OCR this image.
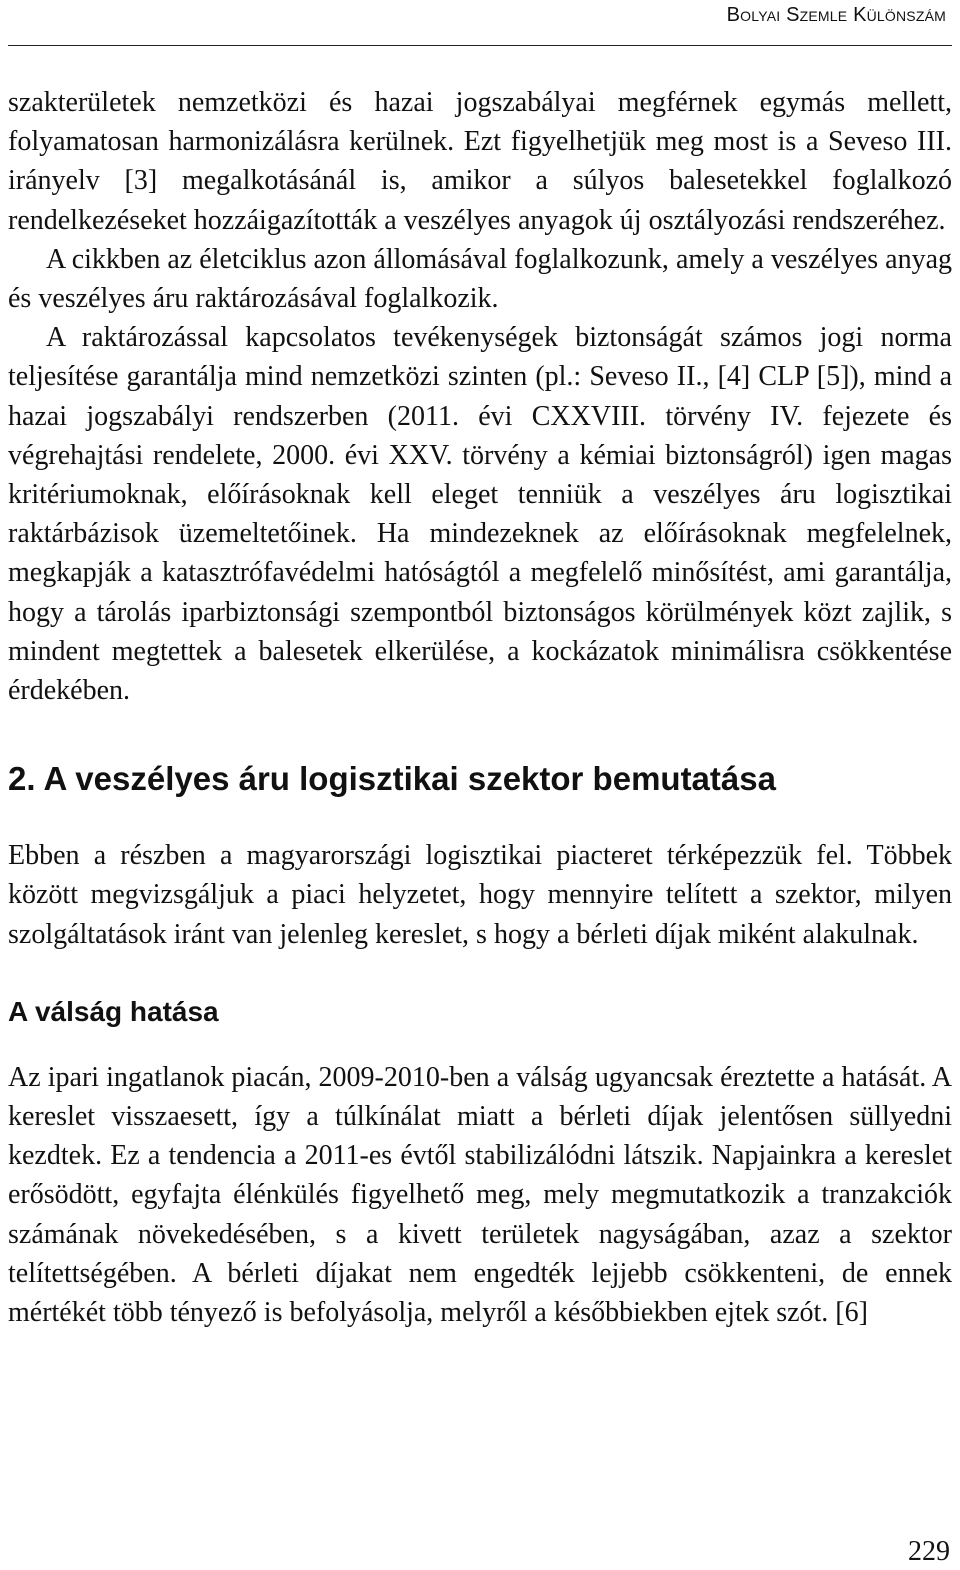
Bolyai Szemle Különszám

szakterületek nemzetközi és hazai jogszabályai megférnek egymás mellett, folyamatosan harmonizálásra kerülnek. Ezt figyelhetjük meg most is a Seveso III. irányelv [3] megalkotásánál is, amikor a súlyos balesetekkel foglalkozó rendelkezéseket hozzáigazították a veszélyes anyagok új osztályozási rendszeréhez.

A cikkben az életciklus azon állomásával foglalkozunk, amely a veszélyes anyag és veszélyes áru raktározásával foglalkozik.

A raktározással kapcsolatos tevékenységek biztonságát számos jogi norma teljesítése garantálja mind nemzetközi szinten (pl.: Seveso II., [4] CLP [5]), mind a hazai jogszabályi rendszerben (2011. évi CXXVIII. törvény IV. fejezete és végrehajtási rendelete, 2000. évi XXV. törvény a kémiai biztonságról) igen magas kritériumoknak, előírásoknak kell eleget tenniük a veszélyes áru logisztikai raktárbázisok üzemeltetőinek. Ha mindezeknek az előírásoknak megfelelnek, megkapják a katasztrófavédelmi hatóságtól a megfelelő minősítést, ami garantálja, hogy a tárolás iparbiztonsági szempontból biztonságos körülmények közt zajlik, s mindent megtettek a balesetek elkerülése, a kockázatok minimálisra csökkentése érdekében.

2. A veszélyes áru logisztikai szektor bemutatása

Ebben a részben a magyarországi logisztikai piacteret térképezzük fel. Többek között megvizsgáljuk a piaci helyzetet, hogy mennyire telített a szektor, milyen szolgáltatások iránt van jelenleg kereslet, s hogy a bérleti díjak miként alakulnak.

A válság hatása

Az ipari ingatlanok piacán, 2009-2010-ben a válság ugyancsak éreztette a hatását. A kereslet visszaesett, így a túlkínálat miatt a bérleti díjak jelentősen süllyedni kezdtek. Ez a tendencia a 2011-es évtől stabilizálódni látszik. Napjainkra a kereslet erősödött, egyfajta élénkülés figyelhető meg, mely megmutatkozik a tranzakciók számának növekedésében, s a kivett területek nagyságában, azaz a szektor telítettségében. A bérleti díjakat nem engedték lejjebb csökkenteni, de ennek mértékét több tényező is befolyásolja, melyről a későbbiekben ejtek szót. [6]

229
